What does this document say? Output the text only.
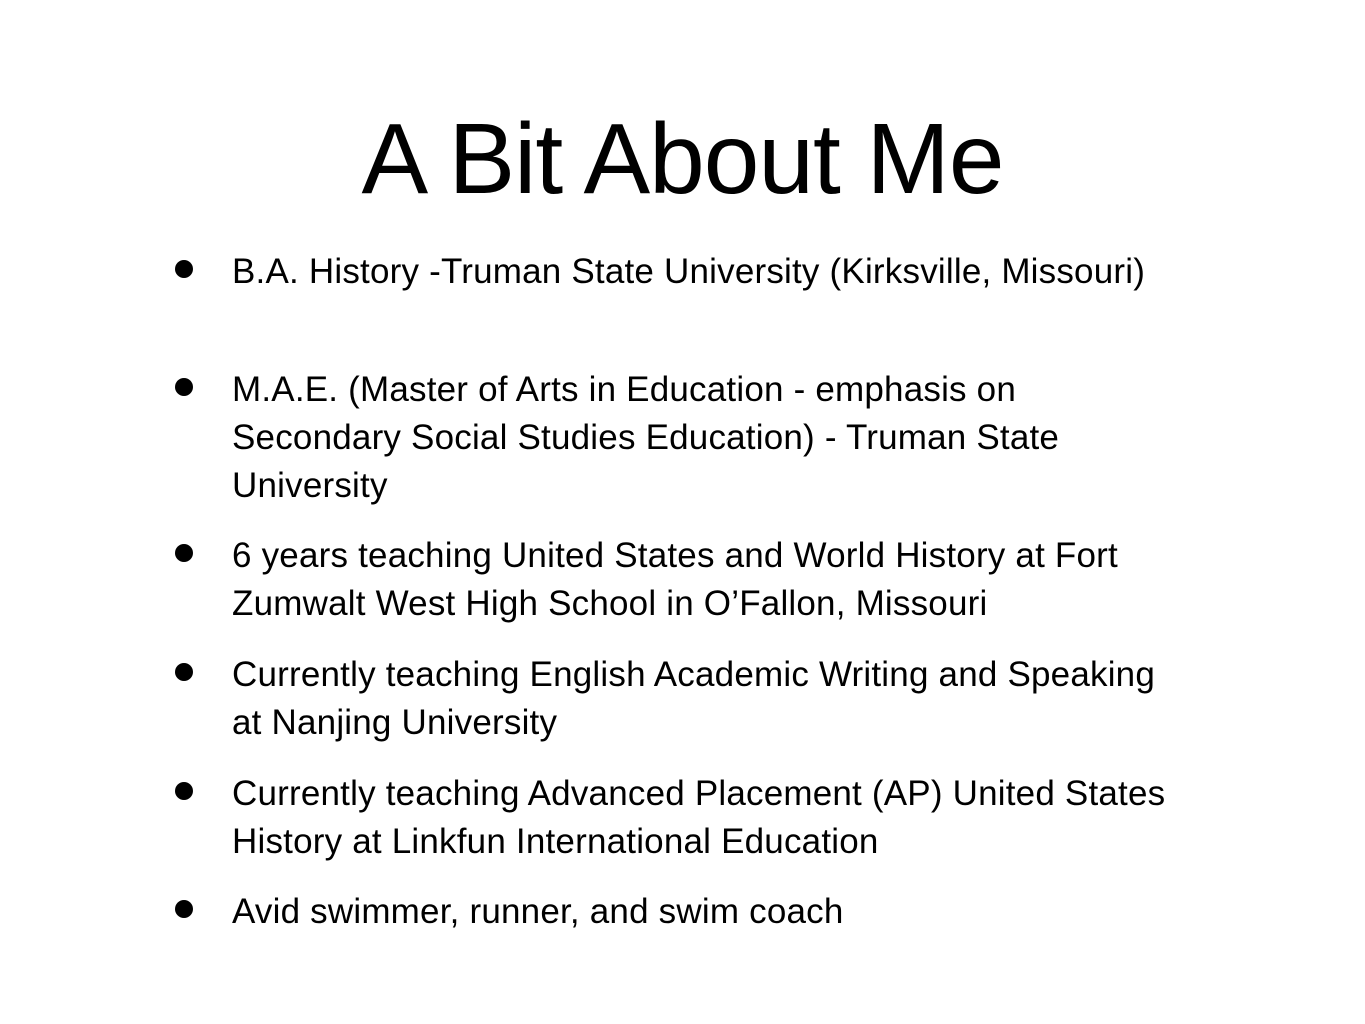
A Bit About Me
B.A. History -Truman State University (Kirksville, Missouri)
M.A.E. (Master of Arts in Education - emphasis on Secondary Social Studies Education) - Truman State University
6 years teaching United States and World History at Fort Zumwalt West High School in O’Fallon, Missouri
Currently teaching English Academic Writing and Speaking at Nanjing University
Currently teaching Advanced Placement (AP) United States History at Linkfun International Education
Avid swimmer, runner, and swim coach
